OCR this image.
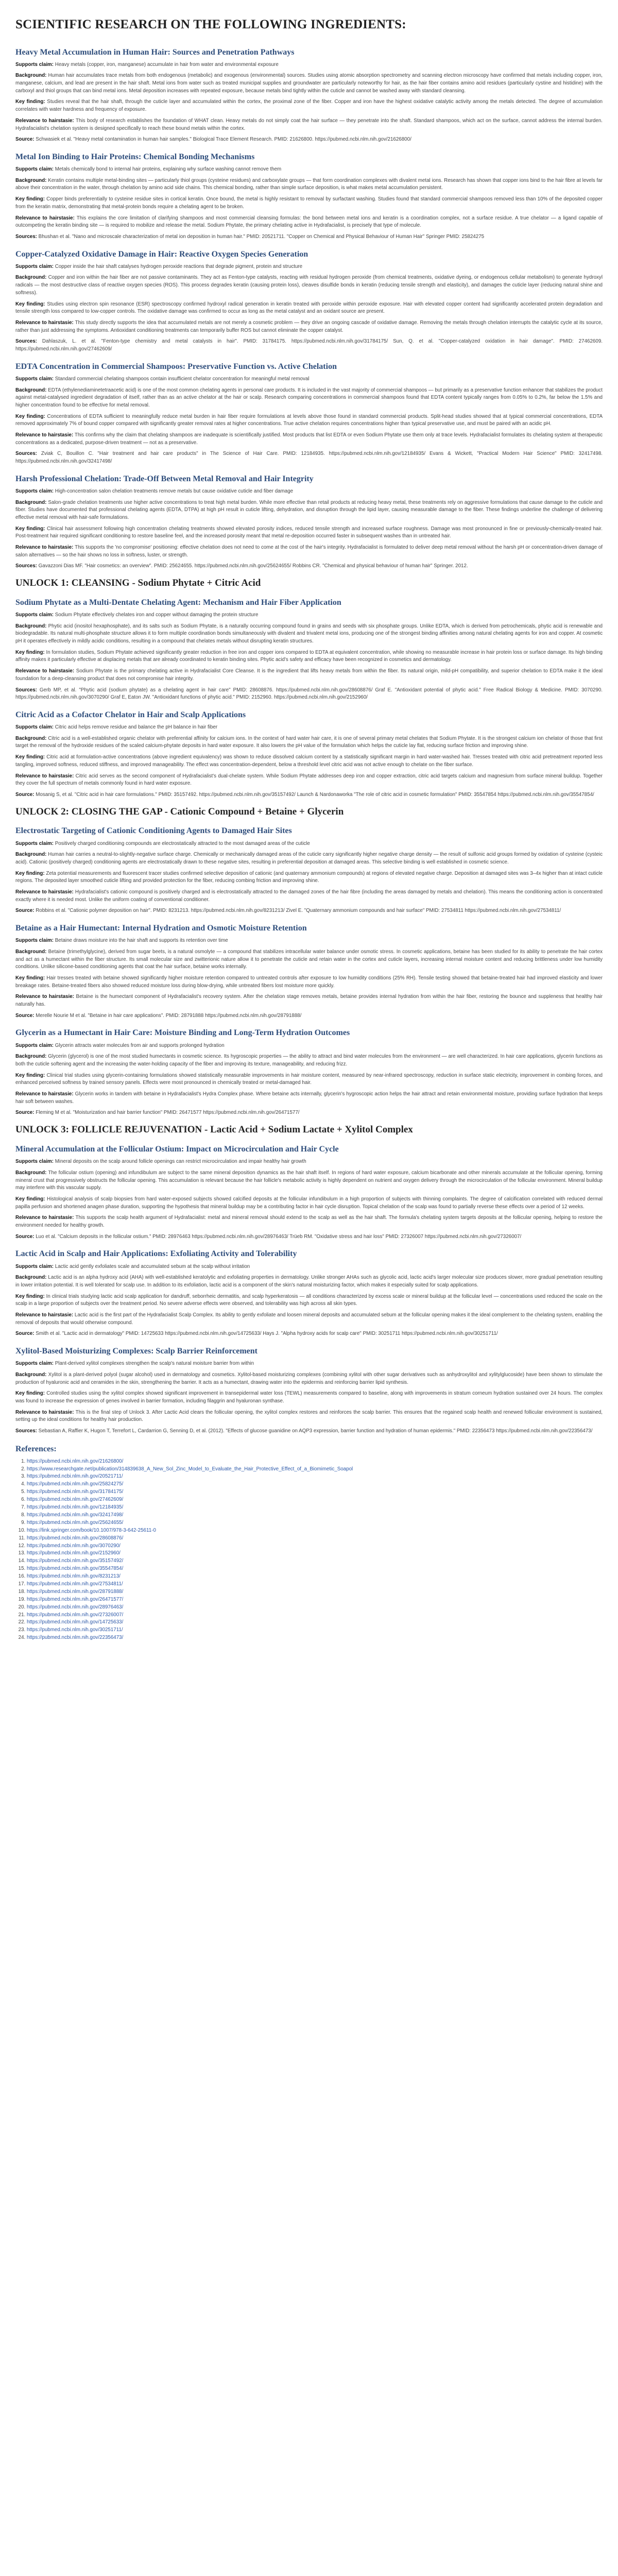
SCIENTIFIC RESEARCH ON THE FOLLOWING INGREDIENTS:
Heavy Metal Accumulation in Human Hair: Sources and Penetration Pathways

Supports claim: Heavy metals (copper, iron, manganese) accumulate in hair from water and environmental exposure

Background: Human hair accumulates trace metals from both endogenous (metabolic) and exogenous (environmental) sources. Studies using atomic absorption spectrometry and scanning electron microscopy have confirmed that metals including copper, iron, manganese, calcium, and lead are present in the hair shaft. Metal ions from water such as treated municipal supplies and groundwater are particularly noteworthy for hair, as the hair fiber contains amino acid residues (particularly cystine and histidine) with the carboxyl and thiol groups that can bind metal ions. Metal deposition increases with repeated exposure, because metals bind tightly within the cuticle and cannot be washed away with standard cleansing.

Key finding: Studies reveal that the hair shaft, through the cuticle layer and accumulated within the cortex, the proximal zone of the fiber. Copper and iron have the highest oxidative catalytic activity among the metals detected. The degree of accumulation correlates with water hardness and frequency of exposure.

Relevance to hairstasie: This body of research establishes the foundation of WHAT clean. Heavy metals do not simply coat the hair surface — they penetrate into the shaft. Standard shampoos, which act on the surface, cannot address the internal burden. Hydrafacialist's chelation system is designed specifically to reach these bound metals within the cortex.

Source: Schwasiek et al. "Heavy metal contamination in human hair samples." Biological Trace Element Research. PMID: 21626800. https://pubmed.ncbi.nlm.nih.gov/21626800/

Metal Ion Binding to Hair Proteins: Chemical Bonding Mechanisms

Supports claim: Metals chemically bond to internal hair proteins, explaining why surface washing cannot remove them

Background: Keratin contains multiple metal-binding sites — particularly thiol groups (cysteine residues) and carboxylate groups — that form coordination complexes with divalent metal ions. Research has shown that copper ions bind to the hair fibre at levels far above their concentration in the water, through chelation by amino acid side chains. This chemical bonding, rather than simple surface deposition, is what makes metal accumulation persistent.

Key finding: Copper binds preferentially to cysteine residue sites in cortical keratin. Once bound, the metal is highly resistant to removal by surfactant washing. Studies found that standard commercial shampoos removed less than 10% of the deposited copper from the keratin matrix, demonstrating that metal-protein bonds require a chelating agent to be broken.

Relevance to hairstasie: This explains the core limitation of clarifying shampoos and most commercial cleansing formulas: the bond between metal ions and keratin is a coordination complex, not a surface residue. A true chelator — a ligand capable of outcompeting the keratin binding site — is required to mobilize and release the metal. Sodium Phytate, the primary chelating active in Hydrafacialist, is precisely that type of molecule.

Sources: Bhushan et al. "Nano and microscale characterization of metal ion deposition in human hair." PMID: 20521711. "Copper on Chemical and Physical Behaviour of Human Hair" Springer PMID: 25824275

Copper-Catalyzed Oxidative Damage in Hair: Reactive Oxygen Species Generation

Supports claim: Copper inside the hair shaft catalyses hydrogen peroxide reactions that degrade pigment, protein and structure

Background: Copper and iron within the hair fiber are not passive contaminants. They act as Fenton-type catalysts, reacting with residual hydrogen peroxide (from chemical treatments, oxidative dyeing, or endogenous cellular metabolism) to generate hydroxyl radicals — the most destructive class of reactive oxygen species (ROS). This process degrades keratin (causing protein loss), cleaves disulfide bonds in keratin (reducing tensile strength and elasticity), and damages the cuticle layer (reducing natural shine and softness).

Key finding: Studies using electron spin resonance (ESR) spectroscopy confirmed hydroxyl radical generation in keratin treated with peroxide within peroxide exposure. Hair with elevated copper content had significantly accelerated protein degradation and tensile strength loss compared to low-copper controls. The oxidative damage was confirmed to occur as long as the metal catalyst and an oxidant source are present.

Relevance to hairstasie: This study directly supports the idea that accumulated metals are not merely a cosmetic problem — they drive an ongoing cascade of oxidative damage. Removing the metals through chelation interrupts the catalytic cycle at its source, rather than just addressing the symptoms. Antioxidant conditioning treatments can temporarily buffer ROS but cannot eliminate the copper catalyst.

Sources: Dahlaszuk, L. et al. "Fenton-type chemistry and metal catalysts in hair". PMID: 31784175. https://pubmed.ncbi.nlm.nih.gov/31784175/ Sun, Q. et al. "Copper-catalyzed oxidation in hair damage". PMID: 27462609. https://pubmed.ncbi.nlm.nih.gov/27462609/

EDTA Concentration in Commercial Shampoos: Preservative Function vs. Active Chelation

Supports claim: Standard commercial chelating shampoos contain insufficient chelator concentration for meaningful metal removal

Background: EDTA (ethylenediaminetetraacetic acid) is one of the most common chelating agents in personal care products. It is included in the vast majority of commercial shampoos — but primarily as a preservative function enhancer that stabilizes the product against metal-catalysed ingredient degradation of itself, rather than as an active chelator at the hair or scalp. Research comparing concentrations in commercial shampoos found that EDTA content typically ranges from 0.05% to 0.2%, far below the 1.5% and higher concentration found to be effective for metal removal.

Key finding: Concentrations of EDTA sufficient to meaningfully reduce metal burden in hair fiber require formulations at levels above those found in standard commercial products. Split-head studies showed that at typical commercial concentrations, EDTA removed approximately 7% of bound copper compared with significantly greater removal rates at higher concentrations. True active chelation requires concentrations higher than typical preservative use, and must be paired with an acidic pH.

Relevance to hairstasie: This confirms why the claim that chelating shampoos are inadequate is scientifically justified. Most products that list EDTA or even Sodium Phytate use them only at trace levels. Hydrafacialist formulates its chelating system at therapeutic concentrations as a dedicated, purpose-driven treatment — not as a preservative.

Sources: Zviak C, Bouillon C. "Hair treatment and hair care products" in The Science of Hair Care. PMID: 12184935. https://pubmed.ncbi.nlm.nih.gov/12184935/ Evans & Wickett, "Practical Modern Hair Science" PMID: 32417498. https://pubmed.ncbi.nlm.nih.gov/32417498/

Harsh Professional Chelation: Trade-Off Between Metal Removal and Hair Integrity

Supports claim: High-concentration salon chelation treatments remove metals but cause oxidative cuticle and fiber damage

Background: Salon-grade chelation treatments use higher active concentrations to treat high metal burden. While more effective than retail products at reducing heavy metal, these treatments rely on aggressive formulations that cause damage to the cuticle and fiber. Studies have documented that professional chelating agents (EDTA, DTPA) at high pH result in cuticle lifting, dehydration, and disruption through the lipid layer, causing measurable damage to the fiber. These findings underline the challenge of delivering effective metal removal with hair-safe formulations.

Key finding: Clinical hair assessment following high concentration chelating treatments showed elevated porosity indices, reduced tensile strength and increased surface roughness. Damage was most pronounced in fine or previously-chemically-treated hair. Post-treatment hair required significant conditioning to restore baseline feel, and the increased porosity meant that metal re-deposition occurred faster in subsequent washes than in untreated hair.

Relevance to hairstasie: This supports the 'no compromise' positioning: effective chelation does not need to come at the cost of the hair's integrity. Hydrafacialist is formulated to deliver deep metal removal without the harsh pH or concentration-driven damage of salon alternatives — so the hair shows no loss in softness, luster, or strength.

Sources: Gavazzoni Dias MF. "Hair cosmetics: an overview". PMID: 25624655. https://pubmed.ncbi.nlm.nih.gov/25624655/ Robbins CR. "Chemical and physical behaviour of human hair" Springer. 2012.

UNLOCK 1: CLEANSING - Sodium Phytate + Citric Acid
Sodium Phytate as a Multi-Dentate Chelating Agent: Mechanism and Hair Fiber Application

Supports claim: Sodium Phytate effectively chelates iron and copper without damaging the protein structure

Background: Phytic acid (inositol hexaphosphate), and its salts such as Sodium Phytate, is a naturally occurring compound found in grains and seeds with six phosphate groups. Unlike EDTA, which is derived from petrochemicals, phytic acid is renewable and biodegradable. Its natural multi-phosphate structure allows it to form multiple coordination bonds simultaneously with divalent and trivalent metal ions, producing one of the strongest binding affinities among natural chelating agents for iron and copper. At cosmetic pH it operates effectively in mildly acidic conditions, resulting in a compound that chelates metals without disrupting keratin structures.

Key finding: In formulation studies, Sodium Phytate achieved significantly greater reduction in free iron and copper ions compared to EDTA at equivalent concentration, while showing no measurable increase in hair protein loss or surface damage. Its high binding affinity makes it particularly effective at displacing metals that are already coordinated to keratin binding sites. Phytic acid's safety and efficacy have been recognized in cosmetics and dermatology.

Relevance to hairstasie: Sodium Phytate is the primary chelating active in Hydrafacialist Core Cleanse. It is the ingredient that lifts heavy metals from within the fiber. Its natural origin, mild-pH compatibility, and superior chelation to EDTA make it the ideal foundation for a deep-cleansing product that does not compromise hair integrity.

Sources: Gerb MP, et al. "Phytic acid (sodium phytate) as a chelating agent in hair care" PMID: 28608876. https://pubmed.ncbi.nlm.nih.gov/28608876/ Graf E. "Antioxidant potential of phytic acid." Free Radical Biology & Medicine. PMID: 3070290. https://pubmed.ncbi.nlm.nih.gov/3070290/ Graf E, Eaton JW. "Antioxidant functions of phytic acid." PMID: 2152960. https://pubmed.ncbi.nlm.nih.gov/2152960/

Citric Acid as a Cofactor Chelator in Hair and Scalp Applications

Supports claim: Citric acid helps remove residue and balance the pH balance in hair fiber

Background: Citric acid is a well-established organic chelator with preferential affinity for calcium ions. In the context of hard water hair care, it is one of several primary metal chelates that Sodium Phytate. It is the strongest calcium ion chelator of those that first target the removal of the hydroxide residues of the scaled calcium-phytate deposits in hard water exposure. It also lowers the pH value of the formulation which helps the cuticle lay flat, reducing surface friction and improving shine.

Key finding: Citric acid at formulation-active concentrations (above ingredient equivalency) was shown to reduce dissolved calcium content by a statistically significant margin in hard water-washed hair. Tresses treated with citric acid pretreatment reported less tangling, improved softness, reduced stiffness, and improved manageability. The effect was concentration-dependent, below a threshold level citric acid was not active enough to chelate on the fiber surface.

Relevance to hairstasie: Citric acid serves as the second component of Hydrafacialist's dual-chelate system. While Sodium Phytate addresses deep iron and copper extraction, citric acid targets calcium and magnesium from surface mineral buildup. Together they cover the full spectrum of metals commonly found in hard water exposure.

Source: Mosanig S, et al. "Citric acid in hair care formulations." PMID: 35157492. https://pubmed.ncbi.nlm.nih.gov/35157492/ Launch & Nardonaworka "The role of citric acid in cosmetic formulation" PMID: 35547854 https://pubmed.ncbi.nlm.nih.gov/35547854/

UNLOCK 2: CLOSING THE GAP - Cationic Compound + Betaine + Glycerin
Electrostatic Targeting of Cationic Conditioning Agents to Damaged Hair Sites

Supports claim: Positively charged conditioning compounds are electrostatically attracted to the most damaged areas of the cuticle

Background: Human hair carries a neutral-to-slightly-negative surface charge. Chemically or mechanically damaged areas of the cuticle carry significantly higher negative charge density — the result of sulfonic acid groups formed by oxidation of cysteine (cysteic acid). Cationic (positively charged) conditioning agents are electrostatically drawn to these negative sites, resulting in preferential deposition at damaged areas. This selective binding is well established in cosmetic science.

Key finding: Zeta potential measurements and fluorescent tracer studies confirmed selective deposition of cationic (and quaternary ammonium compounds) at regions of elevated negative charge. Deposition at damaged sites was 3–4x higher than at intact cuticle regions. The deposited layer smoothed cuticle lifting and provided protection for the fiber, reducing combing friction and improving shine.

Relevance to hairstasie: Hydrafacialist's cationic compound is positively charged and is electrostatically attracted to the damaged zones of the hair fibre (including the areas damaged by metals and chelation). This means the conditioning action is concentrated exactly where it is needed most. Unlike the uniform coating of conventional conditioner.

Source: Robbins et al. "Cationic polymer deposition on hair". PMID: 8231213. https://pubmed.ncbi.nlm.nih.gov/8231213/ Zivel E. "Quaternary ammonium compounds and hair surface" PMID: 27534811 https://pubmed.ncbi.nlm.nih.gov/27534811/

Betaine as a Hair Humectant: Internal Hydration and Osmotic Moisture Retention

Supports claim: Betaine draws moisture into the hair shaft and supports its retention over time

Background: Betaine (trimethylglycine), derived from sugar beets, is a natural osmolyte — a compound that stabilizes intracellular water balance under osmotic stress. In cosmetic applications, betaine has been studied for its ability to penetrate the hair cortex and act as a humectant within the fiber structure. Its small molecular size and zwitterionic nature allow it to penetrate the cuticle and retain water in the cortex and cuticle layers, increasing internal moisture content and reducing brittleness under low humidity conditions. Unlike silicone-based conditioning agents that coat the hair surface, betaine works internally.

Key finding: Hair tresses treated with betaine showed significantly higher moisture retention compared to untreated controls after exposure to low humidity conditions (25% RH). Tensile testing showed that betaine-treated hair had improved elasticity and lower breakage rates. Betaine-treated fibers also showed reduced moisture loss during blow-drying, while untreated fibers lost moisture more quickly.

Relevance to hairstasie: Betaine is the humectant component of Hydrafacialist's recovery system. After the chelation stage removes metals, betaine provides internal hydration from within the hair fiber, restoring the bounce and suppleness that healthy hair naturally has.

Source: Merelle Nourie M et al. "Betaine in hair care applications". PMID: 28791888 https://pubmed.ncbi.nlm.nih.gov/28791888/

Glycerin as a Humectant in Hair Care: Moisture Binding and Long-Term Hydration Outcomes

Supports claim: Glycerin attracts water molecules from air and supports prolonged hydration

Background: Glycerin (glycerol) is one of the most studied humectants in cosmetic science. Its hygroscopic properties — the ability to attract and bind water molecules from the environment — are well characterized. In hair care applications, glycerin functions as both the cuticle softening agent and the increasing the water-holding capacity of the fiber and improving its texture, manageability, and reducing frizz.

Key finding: Clinical trial studies using glycerin-containing formulations showed statistically measurable improvements in hair moisture content, measured by near-infrared spectroscopy, reduction in surface static electricity, improvement in combing forces, and enhanced perceived softness by trained sensory panels. Effects were most pronounced in chemically treated or metal-damaged hair.

Relevance to hairstasie: Glycerin works in tandem with betaine in Hydrafacialist's Hydra Complex phase. Where betaine acts internally, glycerin's hygroscopic action helps the hair attract and retain environmental moisture, providing surface hydration that keeps hair soft between washes.

Source: Fleming M et al. "Moisturization and hair barrier function" PMID: 26471577 https://pubmed.ncbi.nlm.nih.gov/26471577/

UNLOCK 3: FOLLICLE REJUVENATION - Lactic Acid + Sodium Lactate + Xylitol Complex
Mineral Accumulation at the Follicular Ostium: Impact on Microcirculation and Hair Cycle

Supports claim: Mineral deposits on the scalp around follicle openings can restrict microcirculation and impair healthy hair growth

Background: The follicular ostium (opening) and infundibulum are subject to the same mineral deposition dynamics as the hair shaft itself. In regions of hard water exposure, calcium bicarbonate and other minerals accumulate at the follicular opening, forming mineral crust that progressively obstructs the follicular opening. This accumulation is relevant because the hair follicle's metabolic activity is highly dependent on nutrient and oxygen delivery through the microcirculation of the follicular environment. Mineral buildup may interfere with this vascular supply.

Key finding: Histological analysis of scalp biopsies from hard water-exposed subjects showed calcified deposits at the follicular infundibulum in a high proportion of subjects with thinning complaints. The degree of calcification correlated with reduced dermal papilla perfusion and shortened anagen phase duration, supporting the hypothesis that mineral buildup may be a contributing factor in hair cycle disruption. Topical chelation of the scalp was found to partially reverse these effects over a period of 12 weeks.

Relevance to hairstasie: This supports the scalp health argument of Hydrafacialist: metal and mineral removal should extend to the scalp as well as the hair shaft. The formula's chelating system targets deposits at the follicular opening, helping to restore the environment needed for healthy growth.

Source: Luo et al. "Calcium deposits in the follicular ostium." PMID: 28976463 https://pubmed.ncbi.nlm.nih.gov/28976463/ Trüeb RM. "Oxidative stress and hair loss" PMID: 27326007 https://pubmed.ncbi.nlm.nih.gov/27326007/

Lactic Acid in Scalp and Hair Applications: Exfoliating Activity and Tolerability

Supports claim: Lactic acid gently exfoliates scale and accumulated sebum at the scalp without irritation

Background: Lactic acid is an alpha hydroxy acid (AHA) with well-established keratolytic and exfoliating properties in dermatology. Unlike stronger AHAs such as glycolic acid, lactic acid's larger molecular size produces slower, more gradual penetration resulting in lower irritation potential. It is well tolerated for scalp use. In addition to its exfoliation, lactic acid is a component of the skin's natural moisturizing factor, which makes it especially suited for scalp applications.

Key finding: In clinical trials studying lactic acid scalp application for dandruff, seborrheic dermatitis, and scalp hyperkeratosis — all conditions characterized by excess scale or mineral buildup at the follicular level — concentrations used reduced the scale on the scalp in a large proportion of subjects over the treatment period. No severe adverse effects were observed, and tolerability was high across all skin types.

Relevance to hairstasie: Lactic acid is the first part of the Hydrafacialist Scalp Complex. Its ability to gently exfoliate and loosen mineral deposits and accumulated sebum at the follicular opening makes it the ideal complement to the chelating system, enabling the removal of deposits that would otherwise compound.

Source: Smith et al. "Lactic acid in dermatology" PMID: 14725633 https://pubmed.ncbi.nlm.nih.gov/14725633/ Hays J. "Alpha hydroxy acids for scalp care" PMID: 30251711 https://pubmed.ncbi.nlm.nih.gov/30251711/

Xylitol-Based Moisturizing Complexes: Scalp Barrier Reinforcement

Supports claim: Plant-derived xylitol complexes strengthen the scalp's natural moisture barrier from within

Background: Xylitol is a plant-derived polyol (sugar alcohol) used in dermatology and cosmetics. Xylitol-based moisturizing complexes (combining xylitol with other sugar derivatives such as anhydroxylitol and xylitylglucoside) have been shown to stimulate the production of hyaluronic acid and ceramides in the skin, strengthening the barrier. It acts as a humectant, drawing water into the epidermis and reinforcing barrier lipid synthesis.

Key finding: Controlled studies using the xylitol complex showed significant improvement in transepidermal water loss (TEWL) measurements compared to baseline, along with improvements in stratum corneum hydration sustained over 24 hours. The complex was found to increase the expression of genes involved in barrier formation, including filaggrin and hyaluronan synthase.

Relevance to hairstasie: This is the final step of Unlock 3. After Lactic Acid clears the follicular opening, the xylitol complex restores and reinforces the scalp barrier. This ensures that the regained scalp health and renewed follicular environment is sustained, setting up the ideal conditions for healthy hair production.

Sources: Sebastian A, Raffier K, Hugon T, Terrefort L, Cardarrion G, Senning D, et al. (2012). "Effects of glucose guanidine on AQP3 expression, barrier function and hydration of human epidermis." PMID: 22356473 https://pubmed.ncbi.nlm.nih.gov/22356473/

References:
1. https://pubmed.ncbi.nlm.nih.gov/21626800/
2. https://www.researchgate.net/publication/314839638_A_New_Sol_Zinc_Model_to_Evaluate_the_Hair_Protective_Effect_of_a_Biomimetic_Soapol
3. https://pubmed.ncbi.nlm.nih.gov/20521711/
4. https://pubmed.ncbi.nlm.nih.gov/25824275/
5. https://pubmed.ncbi.nlm.nih.gov/31784175/
6. https://pubmed.ncbi.nlm.nih.gov/27462609/
7. https://pubmed.ncbi.nlm.nih.gov/12184935/
8. https://pubmed.ncbi.nlm.nih.gov/32417498/
9. https://pubmed.ncbi.nlm.nih.gov/25624655/
10. https://link.springer.com/book/10.1007/978-3-642-25611-0
11. https://pubmed.ncbi.nlm.nih.gov/28608876/
12. https://pubmed.ncbi.nlm.nih.gov/3070290/
13. https://pubmed.ncbi.nlm.nih.gov/2152960/
14. https://pubmed.ncbi.nlm.nih.gov/35157492/
15. https://pubmed.ncbi.nlm.nih.gov/35547854/
16. https://pubmed.ncbi.nlm.nih.gov/8231213/
17. https://pubmed.ncbi.nlm.nih.gov/27534811/
18. https://pubmed.ncbi.nlm.nih.gov/28791888/
19. https://pubmed.ncbi.nlm.nih.gov/26471577/
20. https://pubmed.ncbi.nlm.nih.gov/28976463/
21. https://pubmed.ncbi.nlm.nih.gov/27326007/
22. https://pubmed.ncbi.nlm.nih.gov/14725633/
23. https://pubmed.ncbi.nlm.nih.gov/30251711/
24. https://pubmed.ncbi.nlm.nih.gov/22356473/
